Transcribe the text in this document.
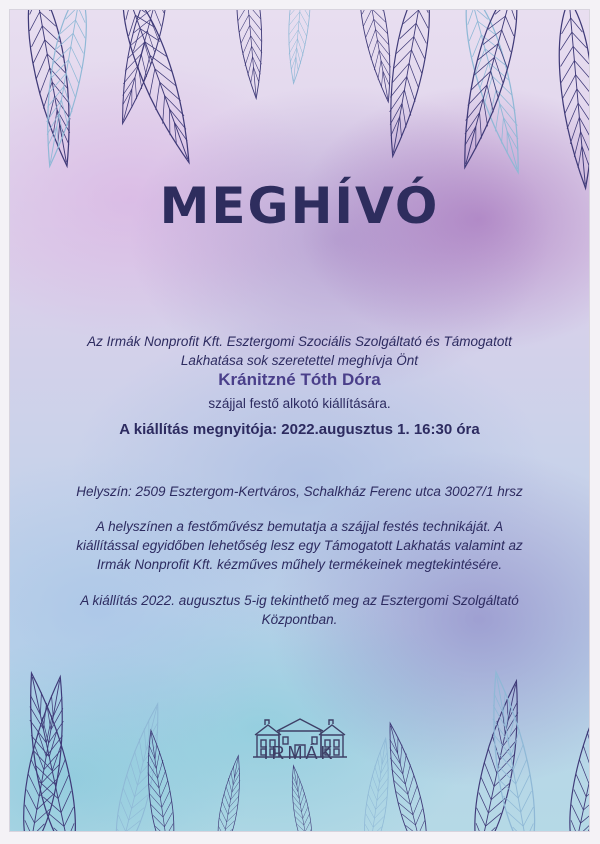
MEGHÍVÓ
Az Irmák Nonprofit Kft. Esztergomi Szociális Szolgáltató és Támogatott
Lakhatása sok szeretettel meghívja Önt
Kránitzné Tóth Dóra
szájjal festő alkotó kiállítására.
A kiállítás megnyitója: 2022.augusztus 1. 16:30 óra
Helyszín: 2509 Esztergom-Kertváros, Schalkház Ferenc utca 30027/1 hrsz
A helyszínen a festőművész bemutatja a szájjal festés technikáját. A
kiállítással egyidőben lehetőség lesz egy Támogatott Lakhatás valamint az
Irmák Nonprofit Kft. kézműves műhely termékeinek megtekintésére.
A kiállítás 2022. augusztus 5-ig tekinthető meg az Esztergomi Szolgáltató
Központban.
IRMÁK
